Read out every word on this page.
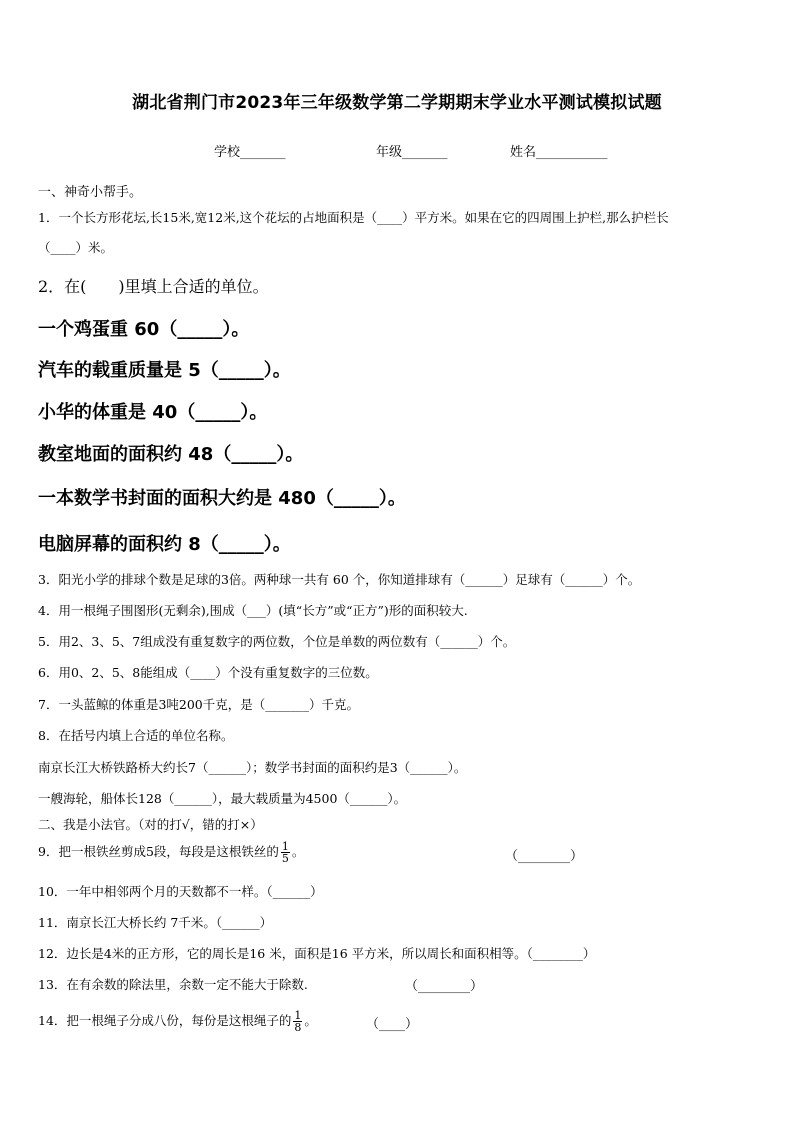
湖北省荆门市2023年三年级数学第二学期期末学业水平测试模拟试题
学校_______	年级_______	姓名___________
一、神奇小帮手。
1．一个长方形花坛,长15米,宽12米,这个花坛的占地面积是（____）平方米。如果在它的四周围上护栏,那么护栏长
（____）米。
2．在(　　)里填上合适的单位。
一个鸡蛋重 60（_____）。
汽车的载重质量是 5（_____）。
小华的体重是 40（_____）。
教室地面的面积约 48（_____）。
一本数学书封面的面积大约是 480（_____）。
电脑屏幕的面积约 8（_____）。
3．阳光小学的排球个数是足球的3倍。两种球一共有 60 个，你知道排球有（______）足球有（______）个。
4．用一根绳子围图形(无剩余),围成（___）(填“长方”或“正方”)形的面积较大.
5．用2、3、5、7组成没有重复数字的两位数，个位是单数的两位数有（______）个。
6．用0、2、5、8能组成（____）个没有重复数字的三位数。
7．一头蓝鲸的体重是3吨200千克，是（_______）千克。
8．在括号内填上合适的单位名称。
南京长江大桥铁路桥大约长7（______）；数学书封面的面积约是3（______）。
一艘海轮，船体长128（______），最大载质量为4500（______）。
二、我是小法官。（对的打√，错的打×）
9．把一根铁丝剪成5段，每段是这根铁丝的 $\frac{1}{5}$ 。	（________）
10．一年中相邻两个月的天数都不一样。（______）
11．南京长江大桥长约 7千米。（______）
12．边长是4米的正方形，它的周长是16 米，面积是16 平方米，所以周长和面积相等。（________）
13．在有余数的除法里，余数一定不能大于除数.	（________）
14．把一根绳子分成八份，每份是这根绳子的 $\frac{1}{8}$ 。	（____）
